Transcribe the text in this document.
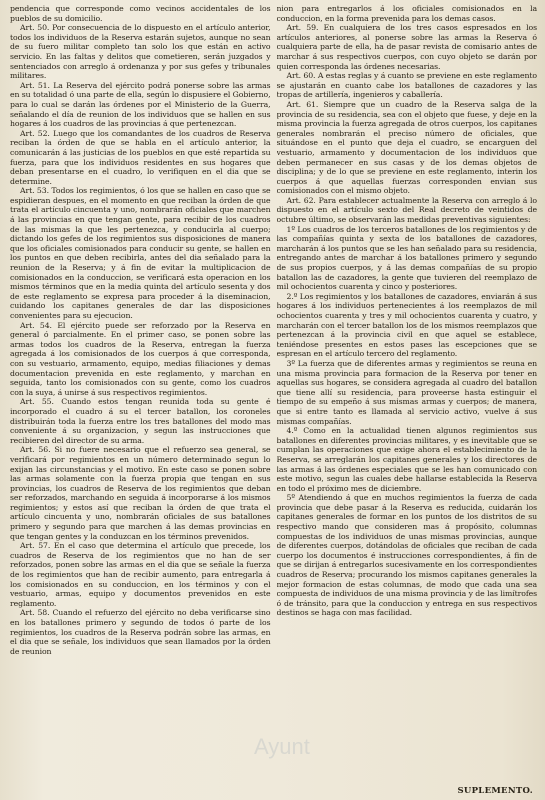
pendencia que corresponde como vecinos accidentales de los pueblos de su domicilio.

Art. 50. Por consecuencia de lo dispuesto en el artículo anterior, todos los individuos de la Reserva estarán sujetos, aunque no sean de su fuero militar completo tan solo los que están en activo servicio. En las faltas y delitos que cometieren, serán juzgados y sentenciados con arreglo á ordenanza y por sus gefes y tribunales militares.

Art. 51. La Reserva del ejército podrá ponerse sobre las armas en su totalidad ó una parte de ella, según lo dispusiere el Gobierno, para lo cual se darán las órdenes por el Ministerio de la Guerra, señalando el día de reunion de los individuos que se hallen en sus hogares á los cuadros de las provincias á que pertenezcan.

Art. 52. Luego que los comandantes de los cuadros de Reserva reciban la órden de que se habla en el artículo anterior, la comunicarán á las justicias de los pueblos en que esté repartida su fuerza, para que los individuos residentes en sus hogares que deban presentarse en el cuadro, lo verifiquen en el dia que se determine.

Art. 53. Todos los regimientos, ó los que se hallen en caso que se espidieran despues, en el momento en que reciban la órden de que trata el artículo cincuenta y uno, nombrarán oficiales que marchen á las provincias en que tengan gente, para recibir de los cuadros de las mismas la que les pertenezca, y conducirla al cuerpo; dictando los gefes de los regimientos sus disposiciones de manera que los oficiales comisionados para conducir su gente, se hallen en los puntos en que deben recibirla, antes del dia señalado para la reunion de la Reserva; y á fin de evitar la multiplicacion de comisionados en la conduccion, se verificará esta operacion en los mismos términos que en la media quinta del artículo sesenta y dos de este reglamento se expresa para proceder á la diseminacion, cuidando los capitanes generales de dar las disposiciones convenientes para su ejecucion.

Art. 54. El ejército puede ser reforzado por la Reserva en general ó parcialmente. En el primer caso, se ponen sobre las armas todos los cuadros de la Reserva, entregan la fuerza agregada á los comisionados de los cuerpos á que corresponda, con su vestuario, armamento, equipo, medias filiaciones y demas documentacion prevenida en este reglamento, y marchan en seguida, tanto los comisionados con su gente, como los cuadros con la suya, á unirse á sus respectivos regimientos.

Art. 55. Cuando estos tengan reunida toda su gente é incorporado el cuadro á su el tercer batallon, los coroneles distribuirán toda la fuerza entre los tres batallones del modo mas conveniente á su organizacion, y segun las instrucciones que recibieren del director de su arma.

Art. 56. Si no fuere necesario que el refuerzo sea general, se verificará por regimientos en un número determinado segun lo exijan las circunstancias y el motivo. En este caso se ponen sobre las armas solamente con la fuerza propia que tengan en sus provincias, los cuadros de Reserva de los regimientos que deban ser reforzados, marchando en seguida á incorporarse á los mismos regimientos; y estos así que reciban la órden de que trata el artículo cincuenta y uno, nombrarán oficiales de sus batallones primero y segundo para que marchen á las demas provincias en que tengan gentes y la conduzcan en los términos prevenidos.

Art. 57. En el caso que determina el artículo que precede, los cuadros de Reserva de los regimientos que no han de ser reforzados, ponen sobre las armas en el dia que se señale la fuerza de los regimientos que han de recibir aumento, para entregarla á los comisionados en su conduccion, en los términos y con el vestuario, armas, equipo y documentos prevenidos en este reglamento.

Art. 58. Cuando el refuerzo del ejército no deba verificarse sino en los batallones primero y segundo de todos ó parte de los regimientos, los cuadros de la Reserva podrán sobre las armas, en el dia que se señale, los individuos que sean llamados por la órden de reunion

nion para entregarlos á los oficiales comisionados en la conduccion, en la forma prevenida para los demas casos.

Art. 59. En cualquiera de los tres casos espresados en los artículos anteriores, al ponerse sobre las armas la Reserva ó cualquiera parte de ella, ha de pasar revista de comisario antes de marchar á sus respectivos cuerpos, con cuyo objeto se darán por quien corresponda las órdenes necesarias.

Art. 60. A estas reglas y á cuanto se previene en este reglamento se ajustarán en cuanto cabe los batallones de cazadores y las tropas de artillería, ingenieros y caballería.

Art. 61. Siempre que un cuadro de la Reserva salga de la provincia de su residencia, sea con el objeto que fuese, y deje en la misma provincia la fuerza agregada de otros cuerpos, los capitanes generales nombrarán el preciso número de oficiales, que situándose en el punto que deja el cuadro, se encarguen del vestuario, armamento y documentacion de los individuos que deben permanecer en sus casas y de los demas objetos de disciplina; y de lo que se previene en este reglamento, interin los cuerpos á que aquellas fuerzas corresponden envian sus comisionados con el mismo objeto.

Art. 62. Para establecer actualmente la Reserva con arreglo á lo dispuesto en el artículo sexto del Real decreto de veintidos de octubre último, se observarán las medidas preventivas siguientes:

1º Los cuadros de los terceros batallones de los regimientos y de las compañías quinta y sexta de los batallones de cazadores, marcharán á los puntos que se les han señalado para su residencia, entregando antes de marchar á los batallones primero y segundo de sus propios cuerpos, y á las demas compañías de su propio batallon las de cazadores, la gente que tuvieren del reemplazo de mil ochocientos cuarenta y cinco y posteriores.

2.º Los regimientos y los batallones de cazadores, enviarán á sus hogares á los individuos pertenecientes á los reemplazos de mil ochocientos cuarenta y tres y mil ochocientos cuarenta y cuatro, y marcharán con el tercer batallon los de los mismos reemplazos que pertenezcan á la provincia civil en que aquel se establece, teniéndose presentes en estos pases las escepciones que se espresan en el artículo tercero del reglamento.

3º La fuerza que de diferentes armas y regimientos se reuna en una misma provincia para formacion de la Reserva por tener en aquellas sus hogares, se considera agregada al cuadro del batallon que tiene allí su residencia, para proveerse hasta estinguir el tiempo de su empeño á sus mismas armas y cuerpos; de manera, que si entre tanto es llamada al servicio activo, vuelve á sus mismas compañías.

4.º Como en la actualidad tienen algunos regimientos sus batallones en diferentes provincias militares, y es inevitable que se cumplan las operaciones que exige ahora el establecimiento de la Reserva, se arreglarán los capitanes generales y los directores de las armas á las órdenes especiales que se les han comunicado con este motivo, segun las cuales debe hallarse establecida la Reserva en todo el próximo mes de diciembre.

5º Atendiendo á que en muchos regimientos la fuerza de cada provincia que debe pasar á la Reserva es reducida, cuidarán los capitanes generales de formar en los puntos de los distritos de su respectivo mando que consideren mas á propósito, columnas compuestas de los individuos de unas mismas provincias, aunque de diferentes cuerpos, dotándolas de oficiales que reciban de cada cuerpo los documentos é instrucciones correspondientes, á fin de que se dirijan á entregarlos sucesivamente en los correspondientes cuadros de Reserva; procurando los mismos capitanes generales la mejor formacion de estas columnas, de modo que cada una sea compuesta de individuos de una misma provincia y de las limítrofes ó de tránsito, para que la conduccion y entrega en sus respectivos destinos se haga con mas facilidad.

Ayunt
SUPLEMENTO.
